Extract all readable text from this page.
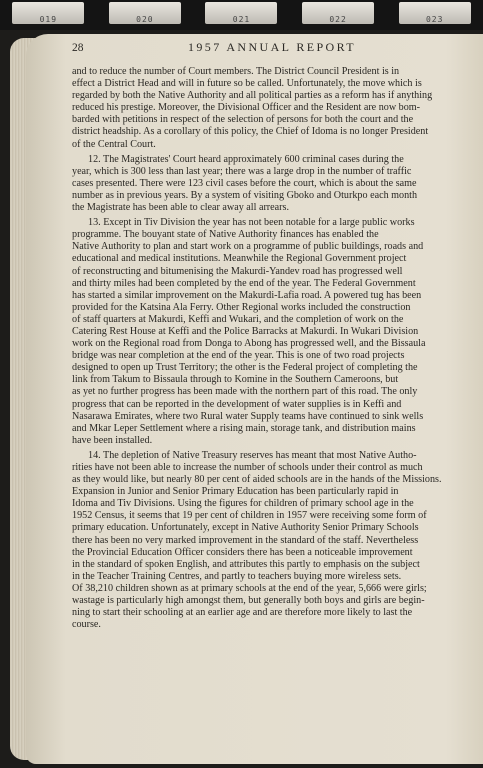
019	020	021	022	023
28	1957 ANNUAL REPORT
and to reduce the number of Court members. The District Council President is in
effect a District Head and will in future so be called. Unfortunately, the move which is
regarded by both the Native Authority and all political parties as a reform has if anything
reduced his prestige. Moreover, the Divisional Officer and the Resident are now bom-
barded with petitions in respect of the selection of persons for both the court and the
district headship. As a corollary of this policy, the Chief of Idoma is no longer President
of the Central Court.
12. The Magistrates' Court heard approximately 600 criminal cases during the
year, which is 300 less than last year; there was a large drop in the number of traffic
cases presented. There were 123 civil cases before the court, which is about the same
number as in previous years. By a system of visiting Gboko and Oturkpo each month
the Magistrate has been able to clear away all arrears.
13. Except in Tiv Division the year has not been notable for a large public works
programme. The bouyant state of Native Authority finances has enabled the
Native Authority to plan and start work on a programme of public buildings, roads and
educational and medical institutions. Meanwhile the Regional Government project
of reconstructing and bitumenising the Makurdi-Yandev road has progressed well
and thirty miles had been completed by the end of the year. The Federal Government
has started a similar improvement on the Makurdi-Lafia road. A powered tug has been
provided for the Katsina Ala Ferry. Other Regional works included the construction
of staff quarters at Makurdi, Keffi and Wukari, and the completion of work on the
Catering Rest House at Keffi and the Police Barracks at Makurdi. In Wukari Division
work on the Regional road from Donga to Abong has progressed well, and the Bissaula
bridge was near completion at the end of the year. This is one of two road projects
designed to open up Trust Territory; the other is the Federal project of completing the
link from Takum to Bissaula through to Komine in the Southern Cameroons, but
as yet no further progress has been made with the northern part of this road. The only
progress that can be reported in the development of water supplies is in Keffi and
Nasarawa Emirates, where two Rural water Supply teams have continued to sink wells
and Mkar Leper Settlement where a rising main, storage tank, and distribution mains
have been installed.
14. The depletion of Native Treasury reserves has meant that most Native Autho-
rities have not been able to increase the number of schools under their control as much
as they would like, but nearly 80 per cent of aided schools are in the hands of the Missions.
Expansion in Junior and Senior Primary Education has been particularly rapid in
Idoma and Tiv Divisions. Using the figures for children of primary school age in the
1952 Census, it seems that 19 per cent of children in 1957 were receiving some form of
primary education. Unfortunately, except in Native Authority Senior Primary Schools
there has been no very marked improvement in the standard of the staff. Nevertheless
the Provincial Education Officer considers there has been a noticeable improvement
in the standard of spoken English, and attributes this partly to emphasis on the subject
in the Teacher Training Centres, and partly to teachers buying more wireless sets.
Of 38,210 children shown as at primary schools at the end of the year, 5,666 were girls;
wastage is particularly high amongst them, but generally both boys and girls are begin-
ning to start their schooling at an earlier age and are therefore more likely to last the
course.
